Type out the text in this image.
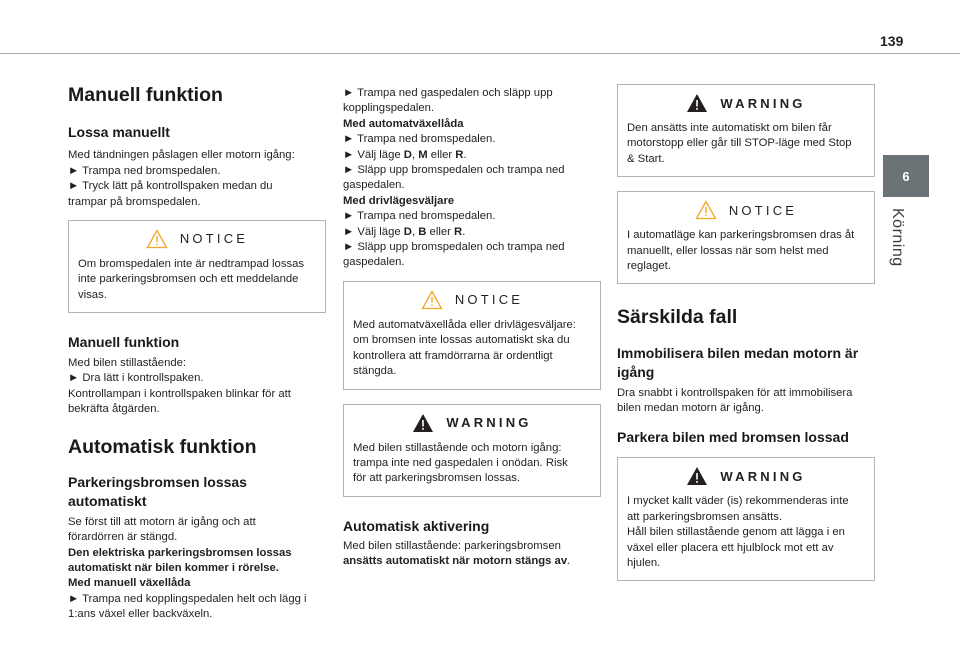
139
6
Körning
Manuell funktion
Lossa manuellt
Med tändningen påslagen eller motorn igång:
► Trampa ned bromspedalen.
► Tryck lätt på kontrollspaken medan du
trampar på bromspedalen.
NOTICE
Om bromspedalen inte är nedtrampad lossas
inte parkeringsbromsen och ett meddelande
visas.
Manuell funktion
Med bilen stillastående:
► Dra lätt i kontrollspaken.
Kontrollampan i kontrollspaken blinkar för att
bekräfta åtgärden.
Automatisk funktion
Parkeringsbromsen lossas
automatiskt
Se först till att motorn är igång och att
förardörren är stängd.
Den elektriska parkeringsbromsen lossas
automatiskt när bilen kommer i rörelse.
Med manuell växellåda
► Trampa ned kopplingspedalen helt och lägg i
1:ans växel eller backväxeln.
► Trampa ned gaspedalen och släpp upp
kopplingspedalen.
Med automatväxellåda
► Trampa ned bromspedalen.
► Välj läge D, M eller R.
► Släpp upp bromspedalen och trampa ned
gaspedalen.
Med drivlägesväljare
► Trampa ned bromspedalen.
► Välj läge D, B eller R.
► Släpp upp bromspedalen och trampa ned
gaspedalen.
NOTICE
Med automatväxellåda eller drivlägesväljare:
om bromsen inte lossas automatiskt ska du
kontrollera att framdörrarna är ordentligt
stängda.
WARNING
Med bilen stillastående och motorn igång:
trampa inte ned gaspedalen i onödan. Risk
för att parkeringsbromsen lossas.
Automatisk aktivering
Med bilen stillastående: parkeringsbromsen
ansätts automatiskt när motorn stängs av.
WARNING
Den ansätts inte automatiskt om bilen får
motorstopp eller går till STOP-läge med Stop
& Start.
NOTICE
I automatläge kan parkeringsbromsen dras åt
manuellt, eller lossas när som helst med
reglaget.
Särskilda fall
Immobilisera bilen medan motorn är
igång
Dra snabbt i kontrollspaken för att immobilisera
bilen medan motorn är igång.
Parkera bilen med bromsen lossad
WARNING
I mycket kallt väder (is) rekommenderas inte
att parkeringsbromsen ansätts.
Håll bilen stillastående genom att lägga i en
växel eller placera ett hjulblock mot ett av
hjulen.
